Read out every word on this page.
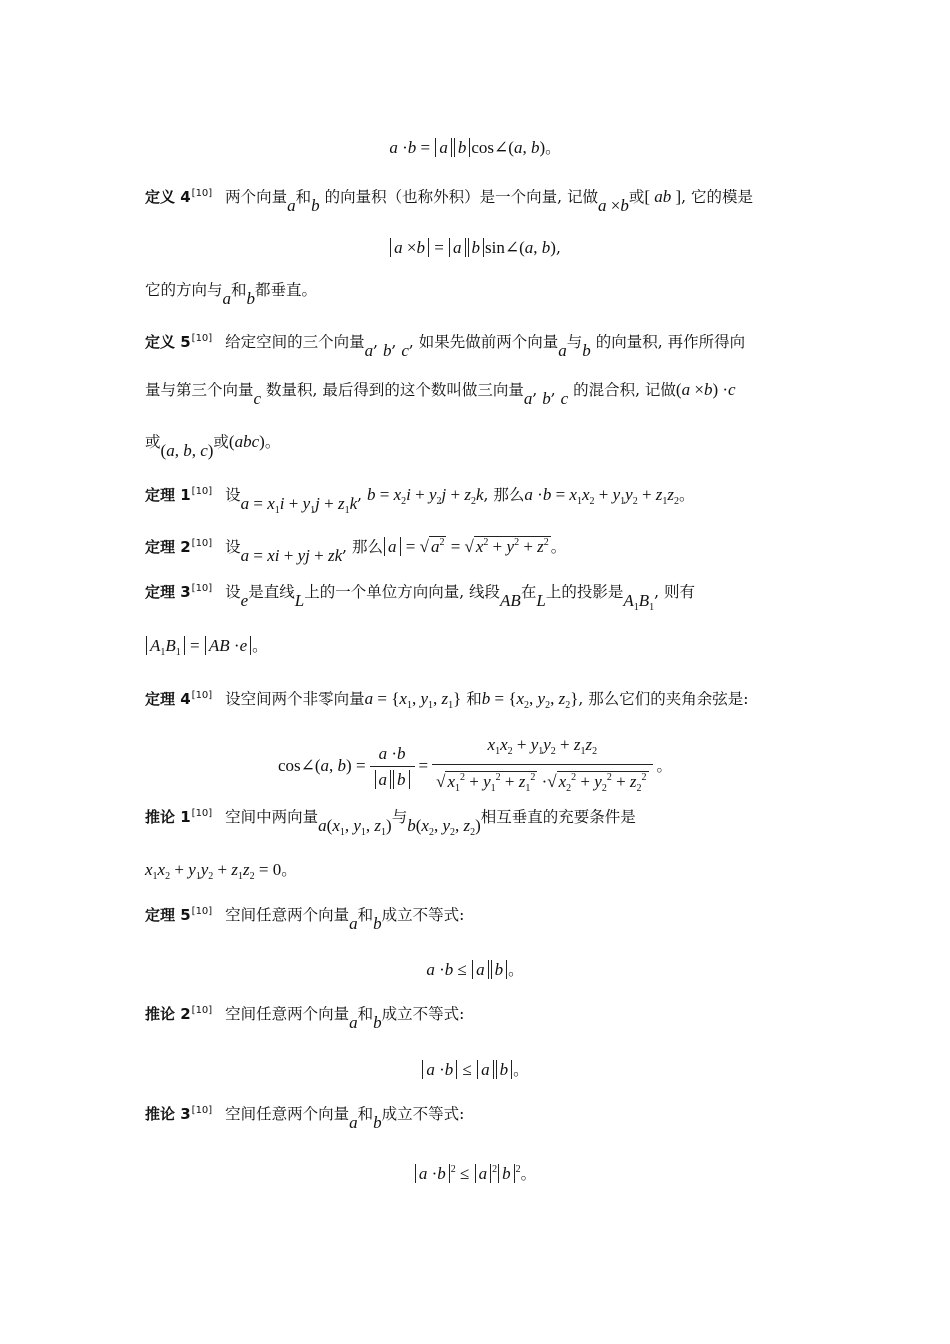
a ·b = a b cos∠(a, b)。
定义 4[10] 两个向量a和b 的向量积（也称外积）是一个向量, 记做a ×b或[ ab ], 它的模是
a ×b = a b sin∠(a, b),
它的方向与a和b都垂直。
定义 5[10] 给定空间的三个向量a, b, c, 如果先做前两个向量a与b 的向量积, 再作所得向
量与第三个向量c 数量积, 最后得到的这个数叫做三向量a, b, c 的混合积, 记做(a ×b) ·c
或(a, b, c)或(abc)。
定理 1[10] 设$a = x_1i + y_1j + z_1k$, $b = x_2i + y_2j + z_2k$, 那么$a \cdot b = x_1x_2 + y_1y_2 + z_1z_2$。
定理 2[10] 设a = xi + yj + zk, 那么 a = √ $a^2$ = √ $x^2 + y^2 + z^2$ 。
定理 3[10] 设e是直线L上的一个单位方向向量, 线段AB在L上的投影是$A_1B_1$, 则有
$A_1B_1$ = AB ·e 。
定理 4[10] 设空间两个非零向量$a = \{x_1$, $y_1$, $z_1$} 和$b = \{x_2$, $y_2$, $z_2$}, 那么它们的夹角余弦是:
cos∠(a, $b) = \frac{a \cdot b}{\text{a b}} = \frac{x_1x_2 + y_1y_2 + z_1z_2}{√ x_1^2 + y_1^2 + z_1^2 \cdot√ x_2^2 + y_2^2 + z_2^2}$ 。
推论 1[10] 空间中两向量$a(x_1$, $y_1$, $z_1$)与$b(x_2$, $y_2$, $z_2$)相互垂直的充要条件是
$x_1x_2 + y_1y_2 + z_1z_2 = 0$。
定理 5[10] 空间任意两个向量a和b成立不等式:
a ·b ≤ a b 。
推论 2[10] 空间任意两个向量a和b成立不等式:
a ·b ≤ a b 。
推论 3[10] 空间任意两个向量a和b成立不等式:
a ·b $^2$ ≤ a $^2$ b $^2$。
